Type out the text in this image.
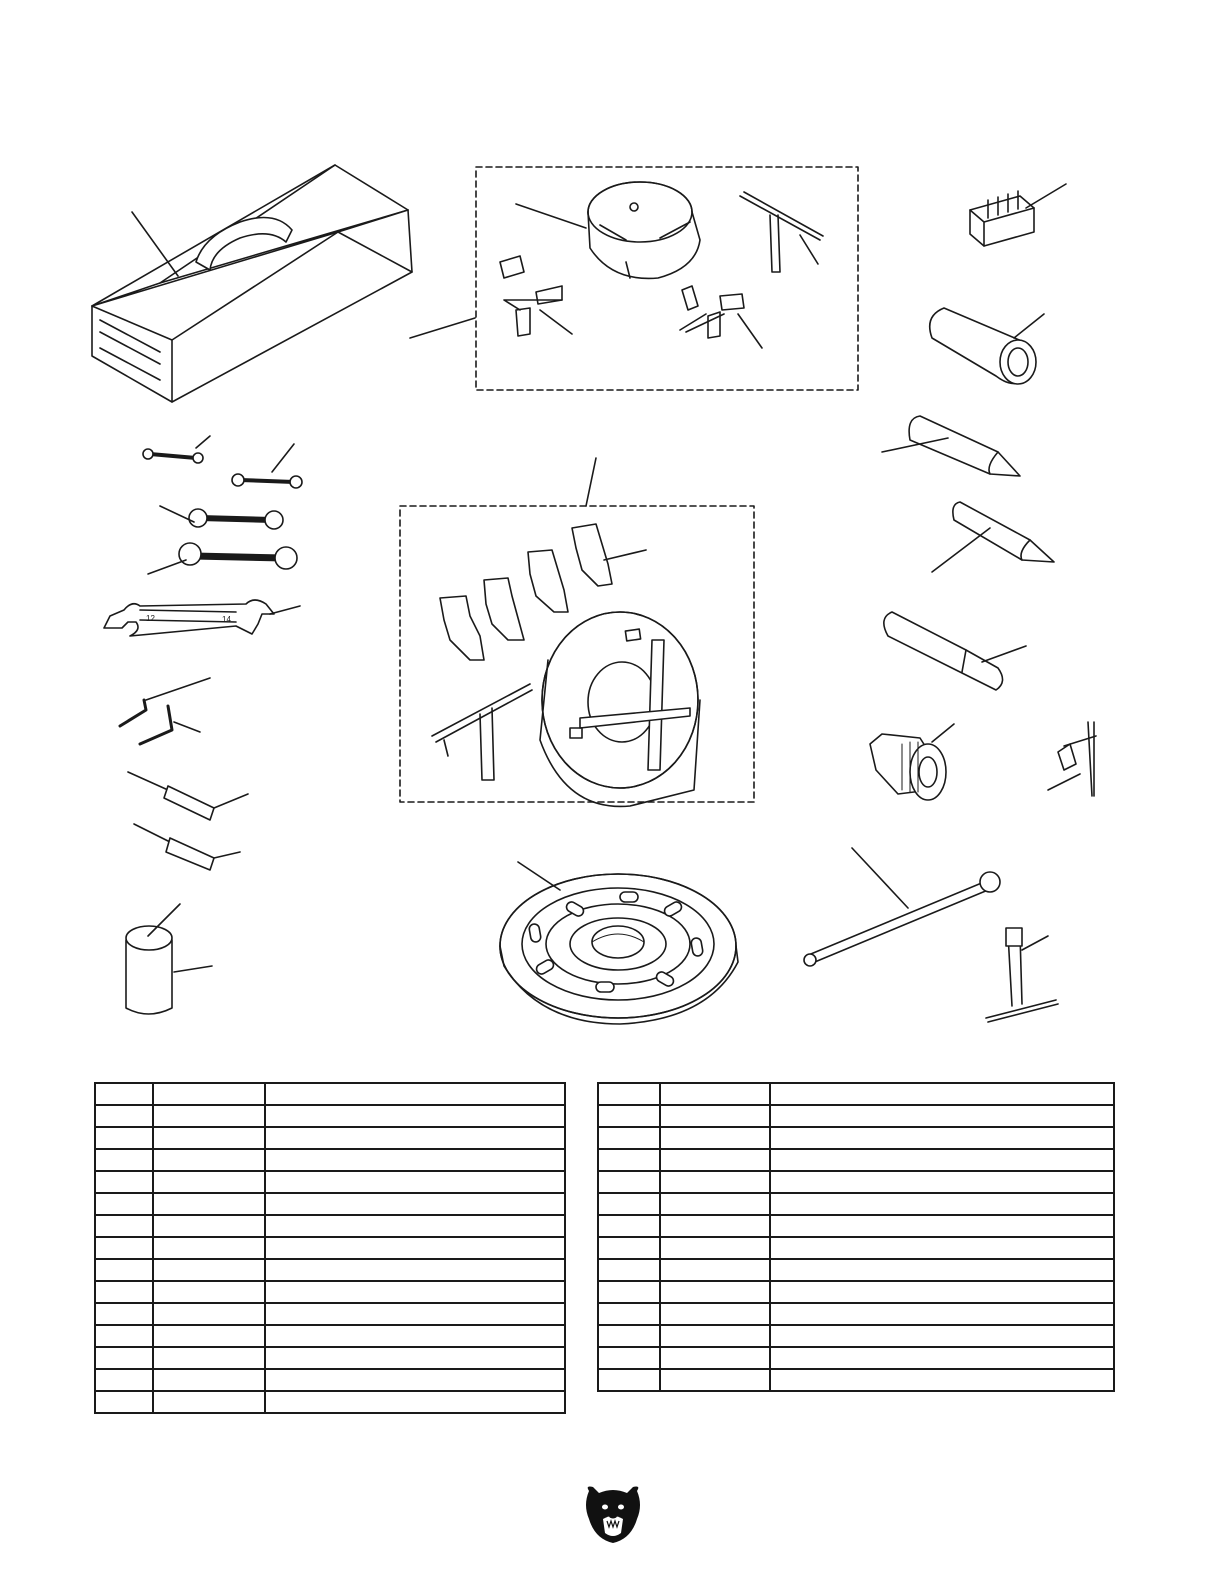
12	14
